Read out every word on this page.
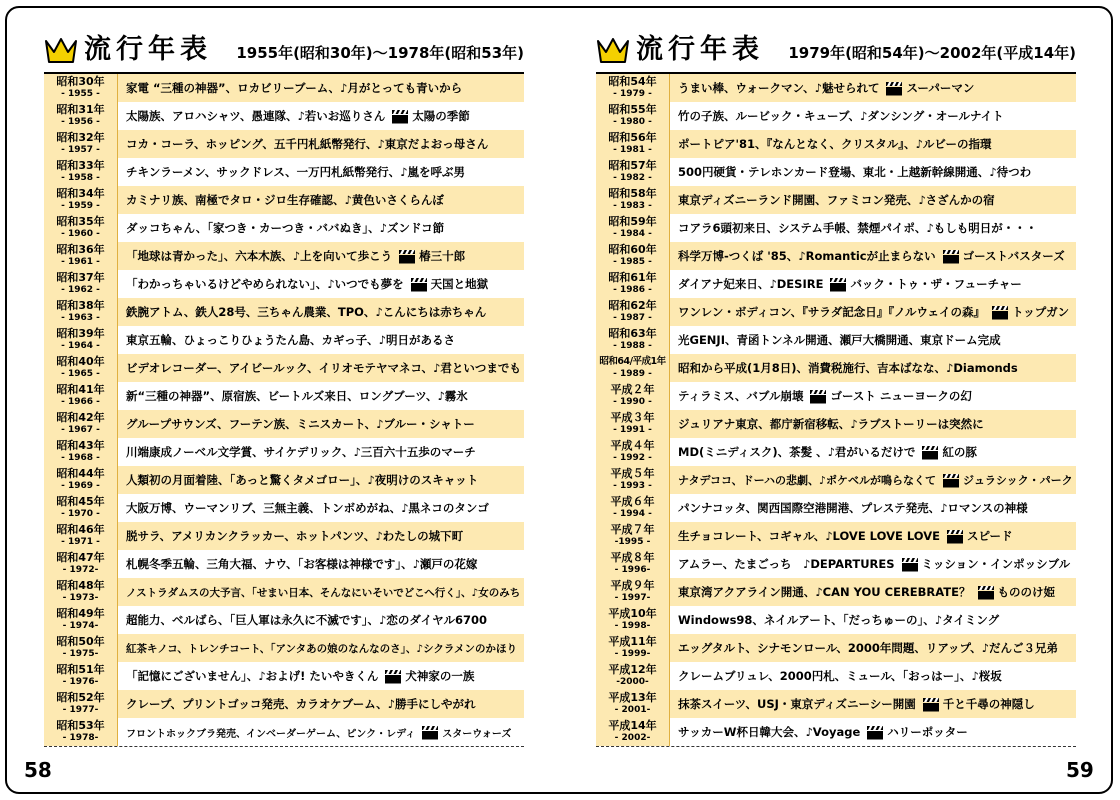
流行年表 1955年(昭和30年)～1978年(昭和53年)
昭和30年
- 1955 - 家電 “三種の神器”、ロカビリーブーム、♪月がとっても青いから
昭和31年
- 1956 - 太陽族、アロハシャツ、愚連隊、♪若いお巡りさん 太陽の季節
昭和32年
- 1957 - コカ・コーラ、ホッピング、五千円札紙幣発行、♪東京だよおっ母さん
昭和33年
- 1958 - チキンラーメン、サックドレス、一万円札紙幣発行、♪嵐を呼ぶ男
昭和34年
- 1959 - カミナリ族、南極でタロ・ジロ生存確認、♪黄色いさくらんぼ
昭和35年
- 1960 - ダッコちゃん、「家つき・カーつき・ババぬき」、♪ズンドコ節
昭和36年
- 1961 - 「地球は青かった」、六本木族、♪上を向いて歩こう 椿三十郎
昭和37年
- 1962 - 「わかっちゃいるけどやめられない」、♪いつでも夢を 天国と地獄
昭和38年
- 1963 - 鉄腕アトム、鉄人28号、三ちゃん農業、TPO、♪こんにちは赤ちゃん
昭和39年
- 1964 - 東京五輪、ひょっこりひょうたん島、カギっ子、♪明日があるさ
昭和40年
- 1965 - ビデオレコーダー、アイビールック、イリオモテヤマネコ、♪君といつまでも
昭和41年
- 1966 - 新“三種の神器”、原宿族、ビートルズ来日、ロングブーツ、♪霧氷
昭和42年
- 1967 - グループサウンズ、フーテン族、ミニスカート、♪ブルー・シャトー
昭和43年
- 1968 - 川端康成ノーベル文学賞、サイケデリック、♪三百六十五歩のマーチ
昭和44年
- 1969 - 人類初の月面着陸、「あっと驚くタメゴロー」、♪夜明けのスキャット
昭和45年
- 1970 - 大阪万博、ウーマンリブ、三無主義、トンボめがね、♪黒ネコのタンゴ
昭和46年
- 1971 - 脱サラ、アメリカンクラッカー、ホットパンツ、♪わたしの城下町
昭和47年
- 1972- 札幌冬季五輪、三角大福、ナウ、「お客様は神様です」、♪瀬戸の花嫁
昭和48年
- 1973-	ノストラダムスの大予言、「せまい日本、そんなにいそいでどこへ行く」、♪女のみち
昭和49年
- 1974- 超能力、ベルばら、「巨人軍は永久に不滅です」、♪恋のダイヤル6700
昭和50年
- 1975-	紅茶キノコ、トレンチコート、「アンタあの娘のなんなのさ」、♪シクラメンのかほり
昭和51年
- 1976- 「記憶にございません」、♪およげ! たいやきくん 犬神家の一族
昭和52年
- 1977- クレープ、プリントゴッコ発売、カラオケブーム、♪勝手にしやがれ
昭和53年
- 1978-	フロントホックブラ発売、インベーダーゲーム、ピンク・レディ	スターウォーズ
流行年表 1979年(昭和54年)～2002年(平成14年)
昭和54年
- 1979 - うまい棒、ウォークマン、♪魅せられて スーパーマン
昭和55年
- 1980 - 竹の子族、ルービック・キューブ、♪ダンシング・オールナイト
昭和56年
- 1981 - ポートピア'81、『なんとなく、クリスタル』、♪ルビーの指環
昭和57年
- 1982 - 500円硬貨・テレホンカード登場、東北・上越新幹線開通、♪待つわ
昭和58年
- 1983 - 東京ディズニーランド開園、ファミコン発売、♪さざんかの宿
昭和59年
- 1984 - コアラ6頭初来日、システム手帳、禁煙パイポ、♪もしも明日が・・・
昭和60年
- 1985 - 科学万博-つくば '85、♪Romanticが止まらない ゴーストバスターズ
昭和61年
- 1986 - ダイアナ妃来日、♪DESIRE バック・トゥ・ザ・フューチャー
昭和62年
- 1987 - ワンレン・ボディコン、『サラダ記念日』『ノルウェイの森』 トップガン
昭和63年
- 1988 - 光GENJI、青函トンネル開通、瀬戸大橋開通、東京ドーム完成
昭和64/平成1年
- 1989 - 昭和から平成(1月8日)、消費税施行、吉本ばなな、♪Diamonds
平成２年
- 1990 - ティラミス、バブル崩壊 ゴースト ニューヨークの幻
平成３年
- 1991 - ジュリアナ東京、都庁新宿移転、♪ラブストーリーは突然に
平成４年
- 1992 - MD(ミニディスク)、茶髪 、♪君がいるだけで 紅の豚
平成５年
- 1993 - ナタデココ、ドーハの悲劇、♪ポケベルが鳴らなくて ジュラシック・パーク
平成６年
- 1994 - パンナコッタ、関西国際空港開港、プレステ発売、♪ロマンスの神様
平成７年
-1995 - 生チョコレート、コギャル、♪LOVE LOVE LOVE スピード
平成８年
- 1996- アムラー、たまごっち　♪DEPARTURES ミッション・インポッシブル
平成９年
- 1997- 東京湾アクアライン開通、♪CAN YOU CEREBRATE？ もののけ姫
平成10年
- 1998- Windows98、ネイルアート、「だっちゅーの」、♪タイミング
平成11年
- 1999- エッグタルト、シナモンロール、2000年問題、リアップ、♪だんご３兄弟
平成12年
-2000-	クレームブリュレ、2000円札、ミュール、「おっはー」、♪桜坂
平成13年
- 2001- 抹茶スイーツ、USJ・東京ディズニーシー開園 千と千尋の神隠し
平成14年
- 2002- サッカーW杯日韓大会、♪Voyage ハリーポッター
58	59
